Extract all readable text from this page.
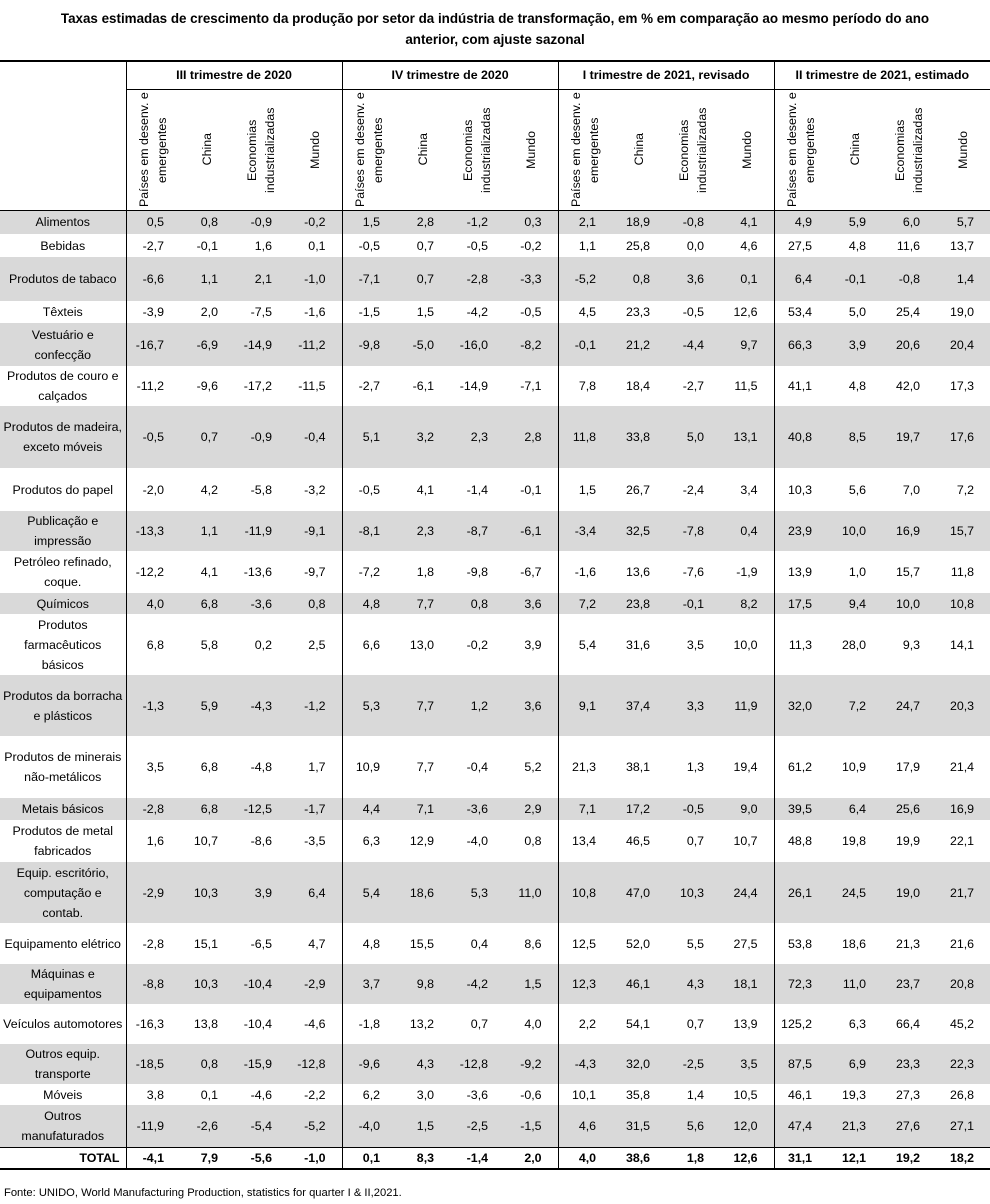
Taxas estimadas de crescimento da produção por setor da indústria de transformação, em % em comparação ao mesmo período do ano
anterior, com ajuste sazonal
	III trimestre de 2020				IV trimestre de 2020				I trimestre de 2021, revisado				II trimestre de 2021, estimado			

	Países em desenv. e emergentes	China	Economias industrializadas	Mundo	Países em desenv. e emergentes	China	Economias industrializadas	Mundo	Países em desenv. e emergentes	China	Economias industrializadas	Mundo	Países em desenv. e emergentes	China	Economias industrializadas	Mundo

Alimentos	0,5	0,8	-0,9	-0,2	1,5	2,8	-1,2	0,3	2,1	18,9	-0,8	4,1	4,9	5,9	6,0	5,7
Bebidas	-2,7	-0,1	1,6	0,1	-0,5	0,7	-0,5	-0,2	1,1	25,8	0,0	4,6	27,5	4,8	11,6	13,7
Produtos de tabaco	-6,6	1,1	2,1	-1,0	-7,1	0,7	-2,8	-3,3	-5,2	0,8	3,6	0,1	6,4	-0,1	-0,8	1,4
Têxteis	-3,9	2,0	-7,5	-1,6	-1,5	1,5	-4,2	-0,5	4,5	23,3	-0,5	12,6	53,4	5,0	25,4	19,0
Vestuário e confecção	-16,7	-6,9	-14,9	-11,2	-9,8	-5,0	-16,0	-8,2	-0,1	21,2	-4,4	9,7	66,3	3,9	20,6	20,4
Produtos de couro e calçados	-11,2	-9,6	-17,2	-11,5	-2,7	-6,1	-14,9	-7,1	7,8	18,4	-2,7	11,5	41,1	4,8	42,0	17,3
Produtos de madeira, exceto móveis	-0,5	0,7	-0,9	-0,4	5,1	3,2	2,3	2,8	11,8	33,8	5,0	13,1	40,8	8,5	19,7	17,6
Produtos do papel	-2,0	4,2	-5,8	-3,2	-0,5	4,1	-1,4	-0,1	1,5	26,7	-2,4	3,4	10,3	5,6	7,0	7,2
Publicação e impressão	-13,3	1,1	-11,9	-9,1	-8,1	2,3	-8,7	-6,1	-3,4	32,5	-7,8	0,4	23,9	10,0	16,9	15,7
Petróleo refinado, coque.	-12,2	4,1	-13,6	-9,7	-7,2	1,8	-9,8	-6,7	-1,6	13,6	-7,6	-1,9	13,9	1,0	15,7	11,8
Químicos	4,0	6,8	-3,6	0,8	4,8	7,7	0,8	3,6	7,2	23,8	-0,1	8,2	17,5	9,4	10,0	10,8
Produtos farmacêuticos básicos	6,8	5,8	0,2	2,5	6,6	13,0	-0,2	3,9	5,4	31,6	3,5	10,0	11,3	28,0	9,3	14,1
Produtos da borracha e plásticos	-1,3	5,9	-4,3	-1,2	5,3	7,7	1,2	3,6	9,1	37,4	3,3	11,9	32,0	7,2	24,7	20,3
Produtos de minerais não-metálicos	3,5	6,8	-4,8	1,7	10,9	7,7	-0,4	5,2	21,3	38,1	1,3	19,4	61,2	10,9	17,9	21,4
Metais básicos	-2,8	6,8	-12,5	-1,7	4,4	7,1	-3,6	2,9	7,1	17,2	-0,5	9,0	39,5	6,4	25,6	16,9
Produtos de metal fabricados	1,6	10,7	-8,6	-3,5	6,3	12,9	-4,0	0,8	13,4	46,5	0,7	10,7	48,8	19,8	19,9	22,1
Equip. escritório, computação e contab.	-2,9	10,3	3,9	6,4	5,4	18,6	5,3	11,0	10,8	47,0	10,3	24,4	26,1	24,5	19,0	21,7
Equipamento elétrico	-2,8	15,1	-6,5	4,7	4,8	15,5	0,4	8,6	12,5	52,0	5,5	27,5	53,8	18,6	21,3	21,6
Máquinas e equipamentos	-8,8	10,3	-10,4	-2,9	3,7	9,8	-4,2	1,5	12,3	46,1	4,3	18,1	72,3	11,0	23,7	20,8
Veículos automotores	-16,3	13,8	-10,4	-4,6	-1,8	13,2	0,7	4,0	2,2	54,1	0,7	13,9	125,2	6,3	66,4	45,2
Outros equip. transporte	-18,5	0,8	-15,9	-12,8	-9,6	4,3	-12,8	-9,2	-4,3	32,0	-2,5	3,5	87,5	6,9	23,3	22,3
Móveis	3,8	0,1	-4,6	-2,2	6,2	3,0	-3,6	-0,6	10,1	35,8	1,4	10,5	46,1	19,3	27,3	26,8
Outros manufaturados	-11,9	-2,6	-5,4	-5,2	-4,0	1,5	-2,5	-1,5	4,6	31,5	5,6	12,0	47,4	21,3	27,6	27,1
TOTAL	-4,1	7,9	-5,6	-1,0	0,1	8,3	-1,4	2,0	4,0	38,6	1,8	12,6	31,1	12,1	19,2	18,2
Fonte: UNIDO, World Manufacturing Production, statistics for quarter I & II,2021.
